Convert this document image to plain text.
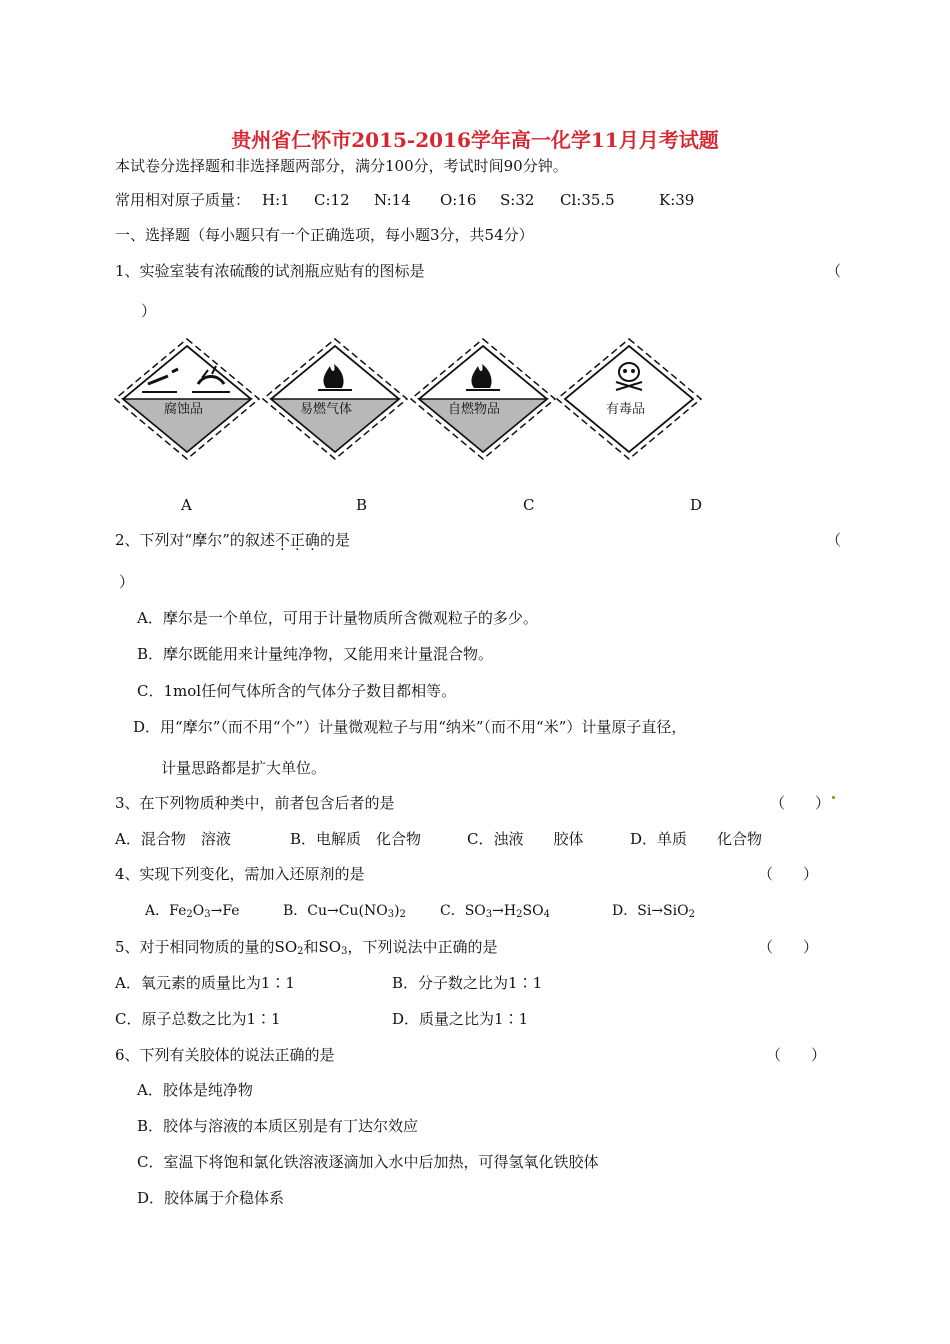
贵州省仁怀市2015-2016学年高一化学11月月考试题
本试卷分选择题和非选择题两部分，满分100分，考试时间90分钟。
常用相对原子质量： H:1 C:12 N:14 O:16 S:32 Cl:35.5	K:39
一、选择题（每小题只有一个正确选项，每小题3分，共54分）
1、实验室装有浓硫酸的试剂瓶应贴有的图标是	（
）
腐蚀品	易燃气体	自燃物品	有毒品
A	B	C	D
2、下列对“摩尔”的叙述不正确的是	（
）
A．摩尔是一个单位，可用于计量物质所含微观粒子的多少。
B．摩尔既能用来计量纯净物，又能用来计量混合物。
C．1mol任何气体所含的气体分子数目都相等。
D．用“摩尔”（而不用“个”）计量微观粒子与用“纳米”（而不用“米”）计量原子直径，
计量思路都是扩大单位。
3、在下列物质种类中，前者包含后者的是	（　　）
A．混合物　溶液	B．电解质　化合物	C．浊液　　胶体	D．单质　　化合物
4、实现下列变化，需加入还原剂的是	（　　）
A．$Fe_2O_3\to Fe$	B．$Cu\to Cu(NO_3)_2$ C．$SO_3\to H_2SO_4$	D．Si→SiO$_2$
5、对于相同物质的量的$SO_2$和$SO_3$，下列说法中正确的是	（　　）
A．氧元素的质量比为1∶1	B．分子数之比为1∶1
C．原子总数之比为1∶1	D．质量之比为1∶1
6、下列有关胶体的说法正确的是	（　　）
A．胶体是纯净物
B．胶体与溶液的本质区别是有丁达尔效应
C．室温下将饱和氯化铁溶液逐滴加入水中后加热，可得氢氧化铁胶体
D．胶体属于介稳体系
